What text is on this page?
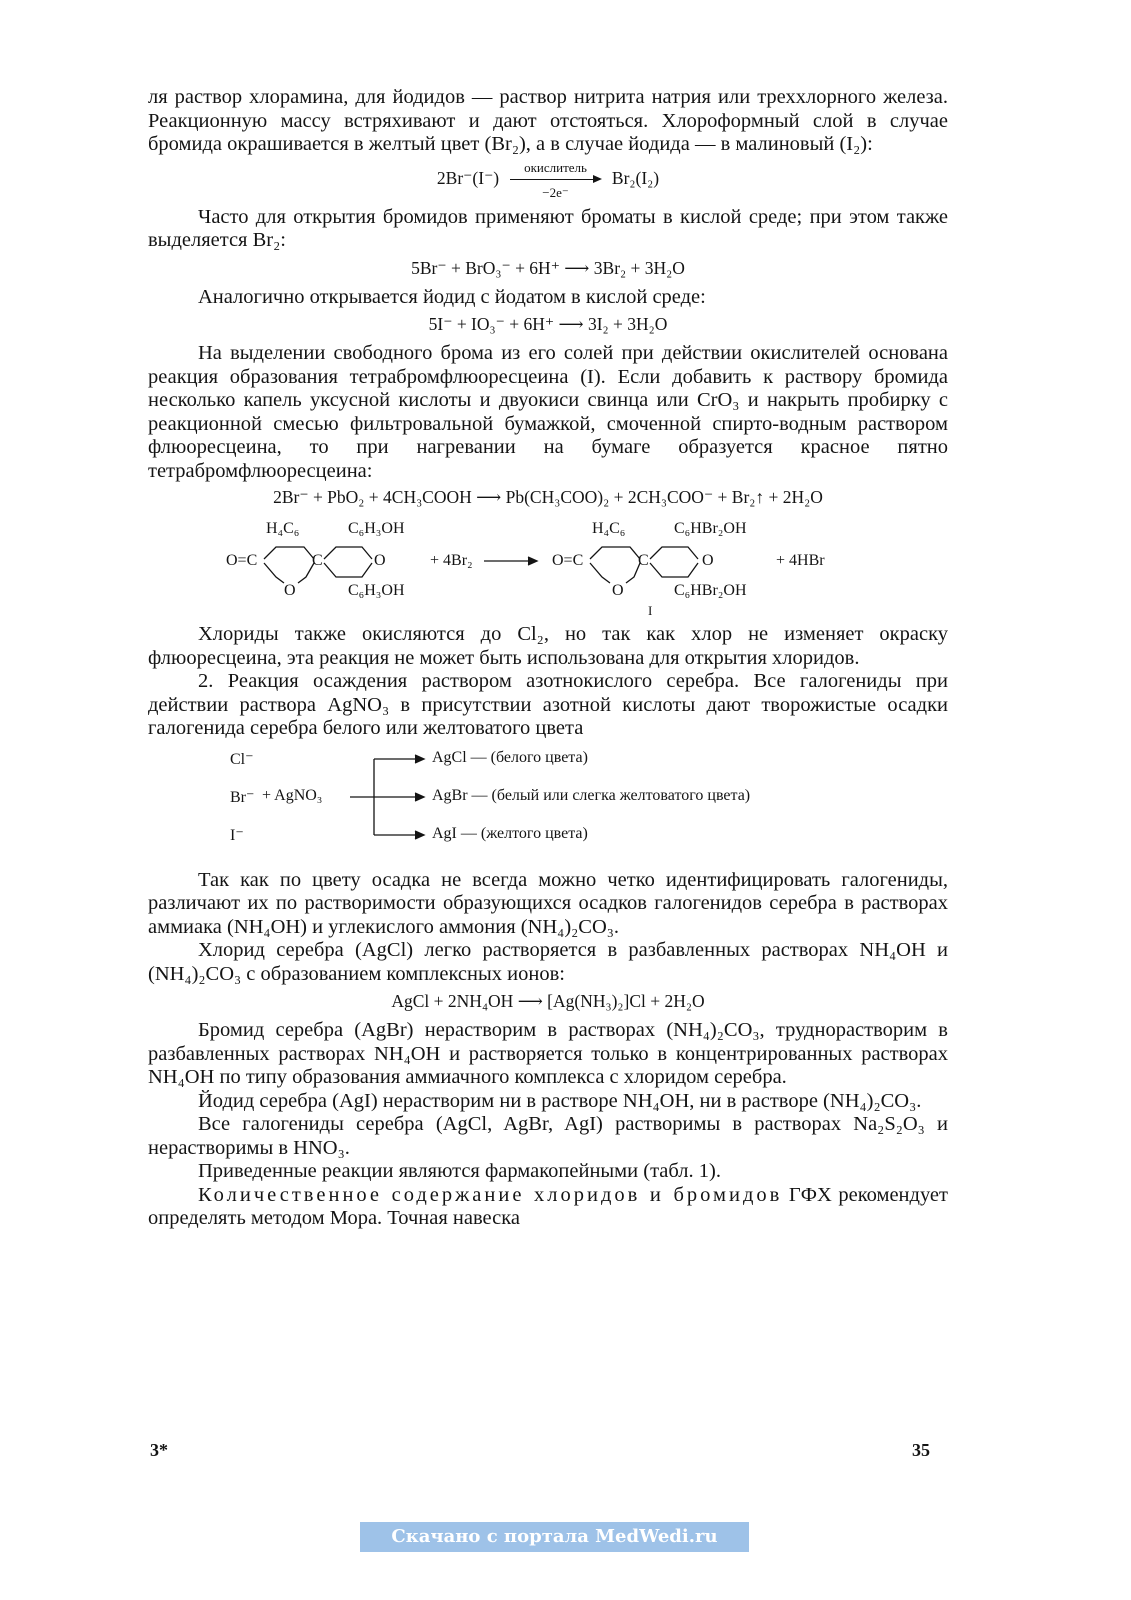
ля раствор хлорамина, для йодидов — раствор нитрита натрия или трехxлорного железа. Реакционную массу встряхивают и дают отстояться. Хлороформный слой в случае бромида окрашивается в желтый цвет (Br₂), а в случае йодида — в малиновый (I₂):

2Br⁻(I⁻)
окислитель
−2e⁻
Br₂(I₂)

Часто для открытия бромидов применяют броматы в кислой среде; при этом также выделяется Br₂:

5Br⁻ + BrO₃⁻ + 6H⁺ ⟶ 3Br₂ + 3H₂O

Аналогично открывается йодид с йодатом в кислой среде:

5I⁻ + IO₃⁻ + 6H⁺ ⟶ 3I₂ + 3H₂O

На выделении свободного брома из его солей при действии окислителей основана реакция образования тетрабромфлюоресцеина (I). Если добавить к раствору бромида несколько капель уксусной кислоты и двуокиси свинца или CrO₃ и накрыть пробирку с реакционной смесью фильтровальной бумажкой, смоченной спирто-водным раствором флюоресцеина, то при нагревании на бумаге образуется красное пятно тетрабромфлюоресцеина:

2Br⁻ + PbO₂ + 4CH₃COOH ⟶ Pb(CH₃COO)₂ + 2CH₃COO⁻ + Br₂↑ + 2H₂O
H₄C₆	C₆H₃OH
O=C	C	O
O	C₆H₃OH
+ 4Br₂
H₄C₆	C₆HBr₂OH
O=C	C	O
O	C₆HBr₂OH
+ 4HBr
I

Хлориды также окисляются до Cl₂, но так как хлор не изменяет окраску флюоресцеина, эта реакция не может быть использована для открытия хлоридов.

2. Реакция осаждения раствором азотнокислого серебра. Все галогениды при действии раствора AgNO₃ в присутствии азотной кислоты дают творожистые осадки галогенида серебра белого или желтоватого цвета

Cl⁻
Br⁻
I⁻
+ AgNO₃
AgCl — (белого цвета)
AgBr — (белый или слегка желтоватого цвета)
AgI — (желтого цвета)

Так как по цвету осадка не всегда можно четко идентифицировать галогениды, различают их по растворимости образующихся осадков галогенидов серебра в растворах аммиака (NH₄OH) и углекислого аммония (NH₄)₂CO₃.

Хлорид серебра (AgCl) легко растворяется в разбавленных растворах NH₄OH и (NH₄)₂CO₃ с образованием комплексных ионов:

AgCl + 2NH₄OH ⟶ [Ag(NH₃)₂]Cl + 2H₂O

Бромид серебра (AgBr) нерастворим в растворах (NH₄)₂CO₃, труднорастворим в разбавленных растворах NH₄OH и растворяется только в концентрированных растворах NH₄OH по типу образования аммиачного комплекса с хлоридом серебра.

Йодид серебра (AgI) нерастворим ни в растворе NH₄OH, ни в растворе (NH₄)₂CO₃.

Все галогениды серебра (AgCl, AgBr, AgI) растворимы в растворах Na₂S₂O₃ и нерастворимы в HNO₃.

Приведенные реакции являются фармакопейными (табл. 1).

Количественное содержание хлоридов и бромидов ГФХ рекомендует определять методом Мора. Точная навеска

3*	35
Скачано с портала MedWedi.ru
